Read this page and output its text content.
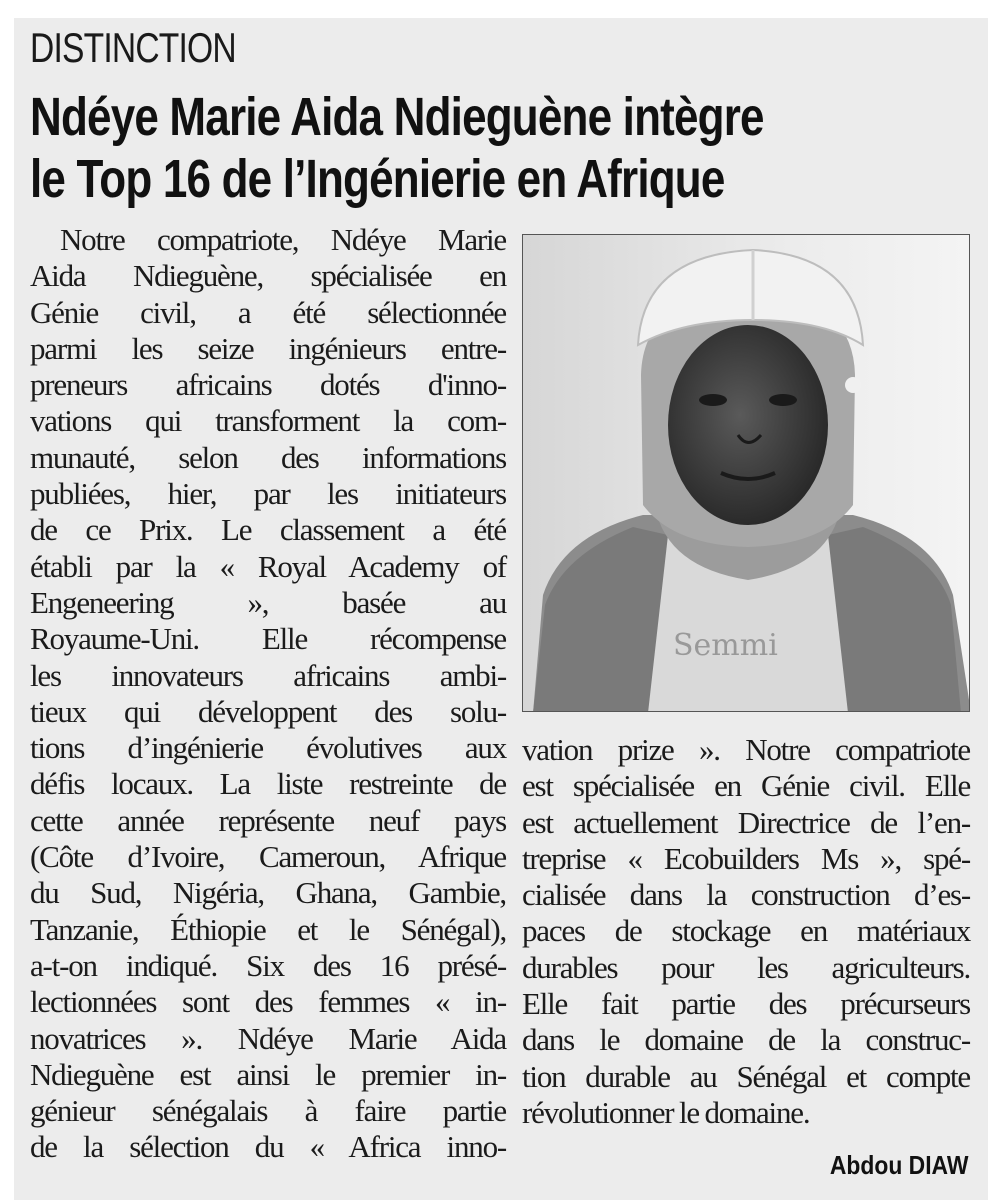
DISTINCTION
Ndéye Marie Aida Ndieguène intègre
le Top 16 de l’Ingénierie en Afrique
Notre compatriote, Ndéye Marie
Aida Ndieguène, spécialisée en
Génie civil, a été sélectionnée
parmi les seize ingénieurs entre-
preneurs africains dotés d'inno-
vations qui transforment la com-
munauté, selon des informations
publiées, hier, par les initiateurs
de ce Prix. Le classement a été
établi par la « Royal Academy of
Engeneering », basée au
Royaume-Uni. Elle récompense
les innovateurs africains ambi-
tieux qui développent des solu-
tions d’ingénierie évolutives aux
défis locaux. La liste restreinte de
cette année représente neuf pays
(Côte d’Ivoire, Cameroun, Afrique
du Sud, Nigéria, Ghana, Gambie,
Tanzanie, Éthiopie et le Sénégal),
a-t-on indiqué. Six des 16 présé-
lectionnées sont des femmes « in-
novatrices ». Ndéye Marie Aida
Ndieguène est ainsi le premier in-
génieur sénégalais à faire partie
de la sélection du « Africa inno-
Semmi
vation prize ». Notre compatriote
est spécialisée en Génie civil. Elle
est actuellement Directrice de l’en-
treprise « Ecobuilders Ms », spé-
cialisée dans la construction d’es-
paces de stockage en matériaux
durables pour les agriculteurs.
Elle fait partie des précurseurs
dans le domaine de la construc-
tion durable au Sénégal et compte
révolutionner le domaine.
Abdou DIAW
